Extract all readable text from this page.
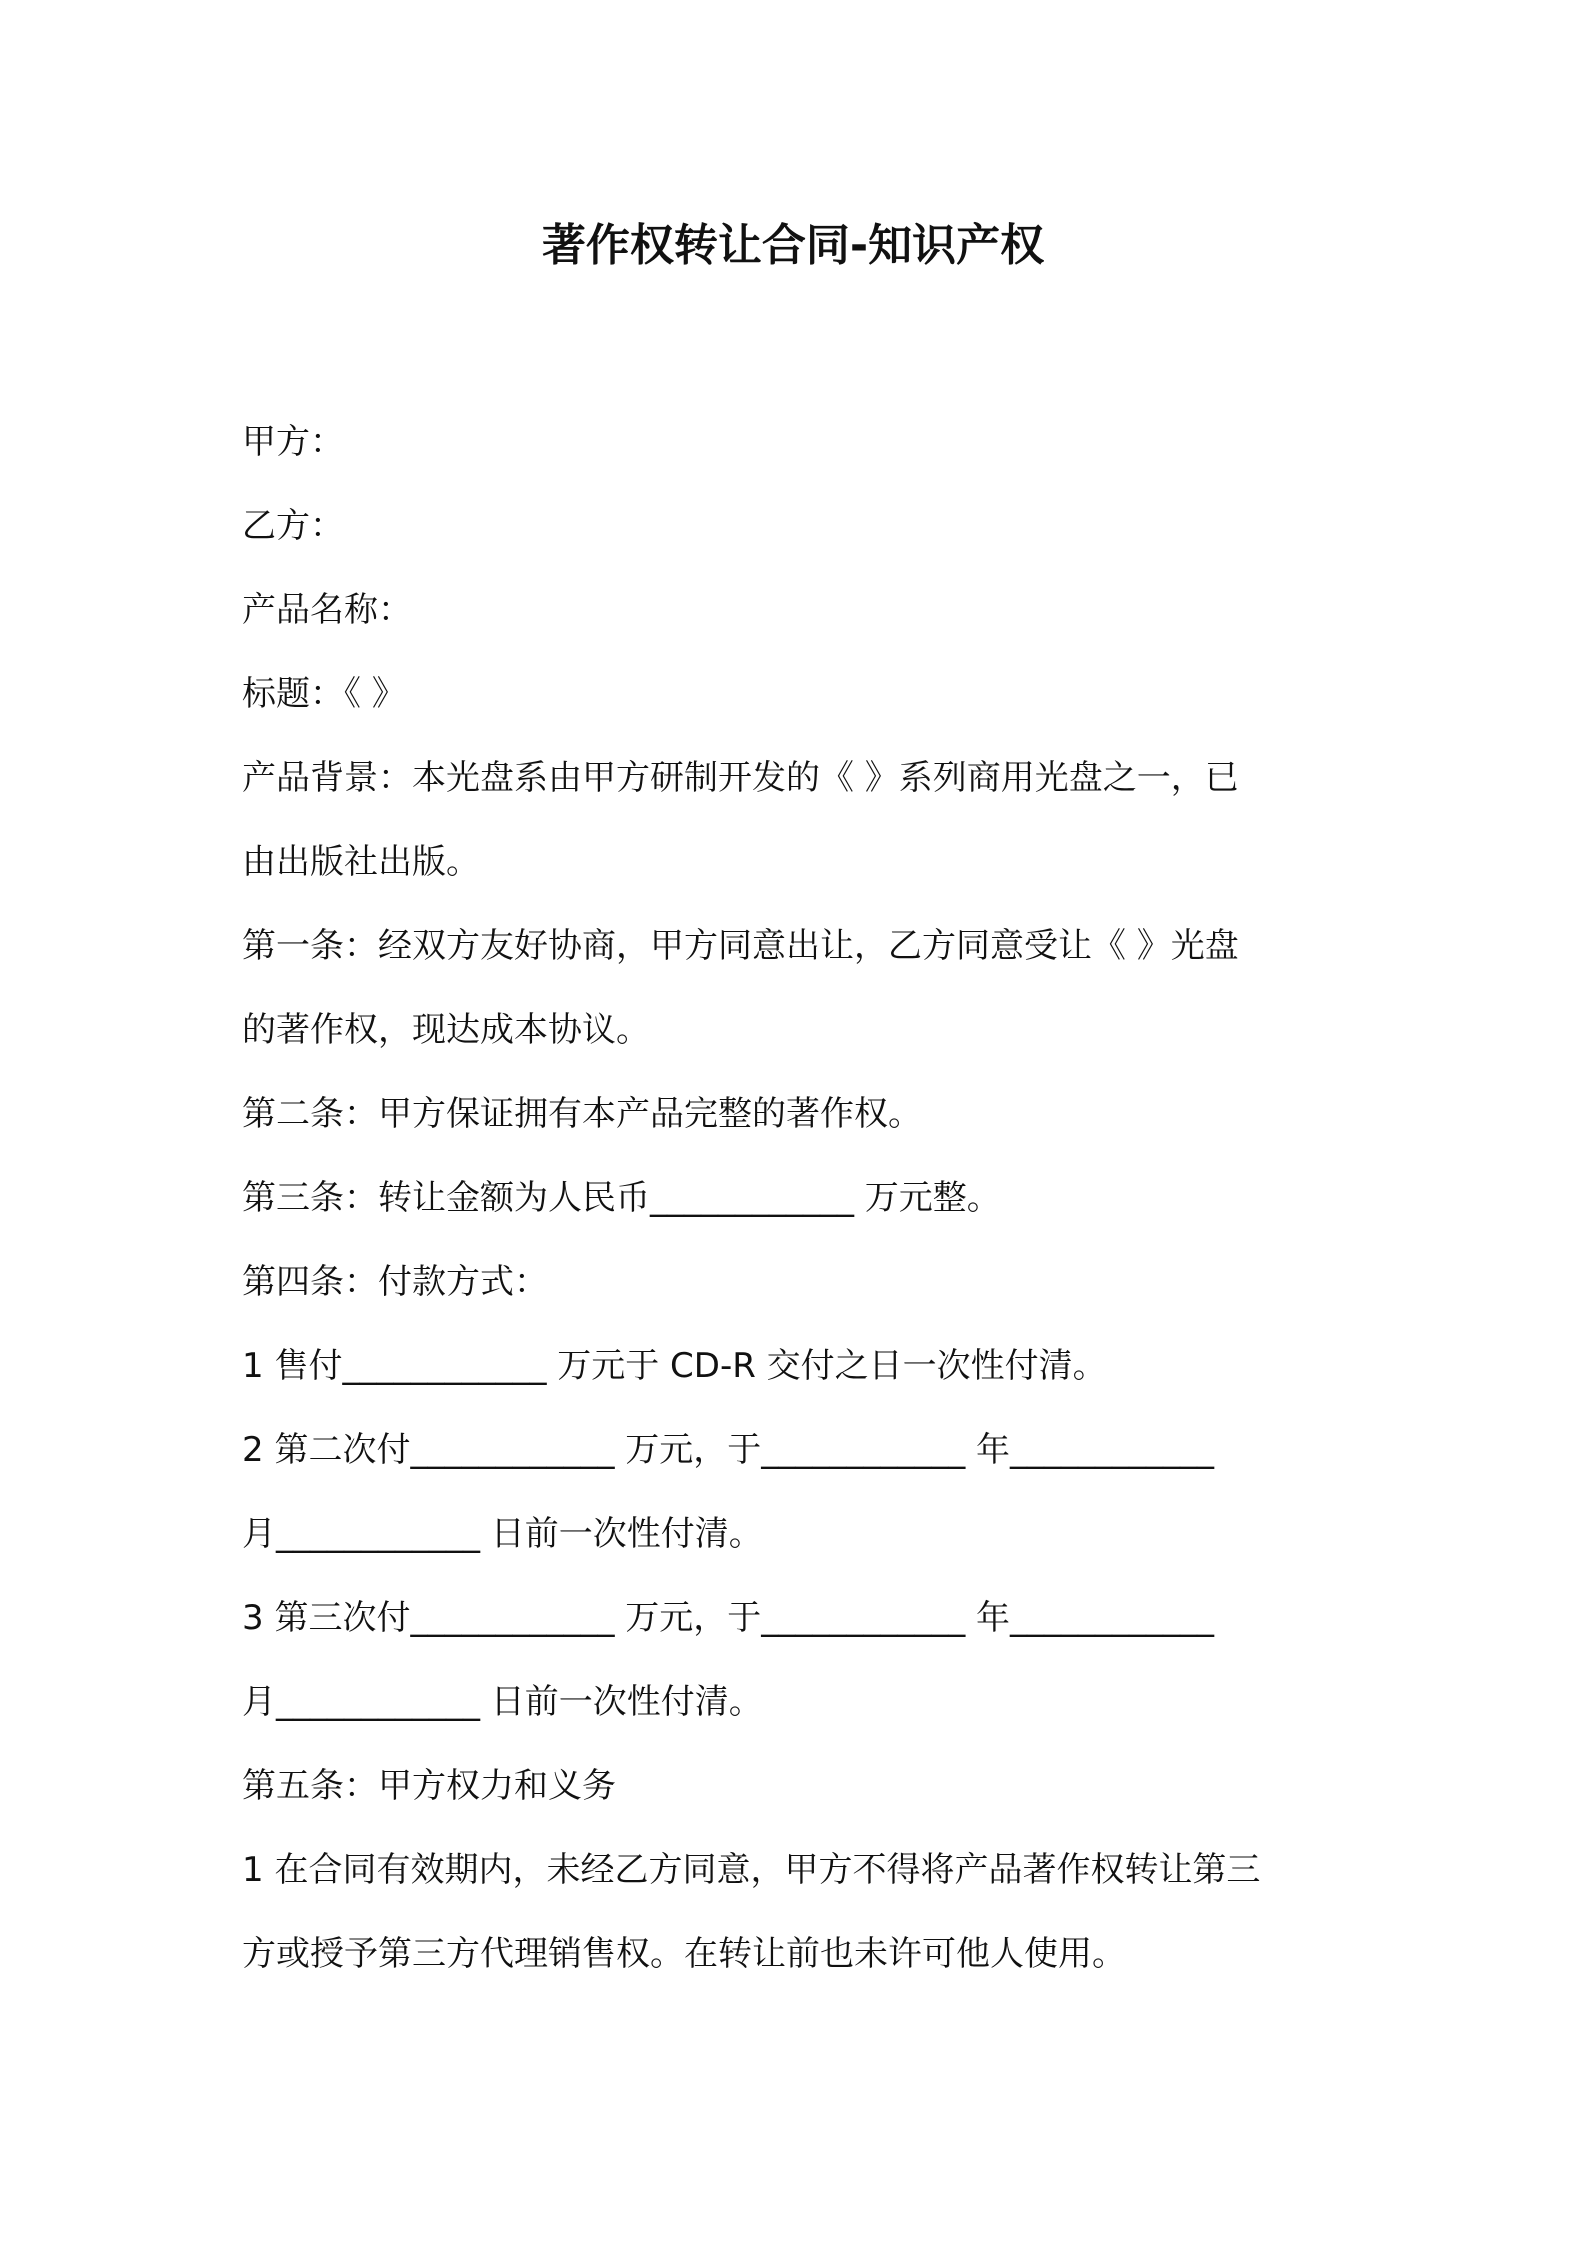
著作权转让合同-知识产权

甲方：

乙方：

产品名称：

标题：《 》

产品背景：本光盘系由甲方研制开发的《 》系列商用光盘之一，已

由出版社出版。

第一条：经双方友好协商，甲方同意出让，乙方同意受让《 》光盘

的著作权，现达成本协议。

第二条：甲方保证拥有本产品完整的著作权。

第三条：转让金额为人民币____________ 万元整。

第四条：付款方式：

1 售付____________ 万元于 CD-R 交付之日一次性付清。

2 第二次付____________ 万元，于____________ 年____________

月____________ 日前一次性付清。

3 第三次付____________ 万元，于____________ 年____________

月____________ 日前一次性付清。

第五条：甲方权力和义务

1 在合同有效期内，未经乙方同意，甲方不得将产品著作权转让第三

方或授予第三方代理销售权。在转让前也未许可他人使用。
